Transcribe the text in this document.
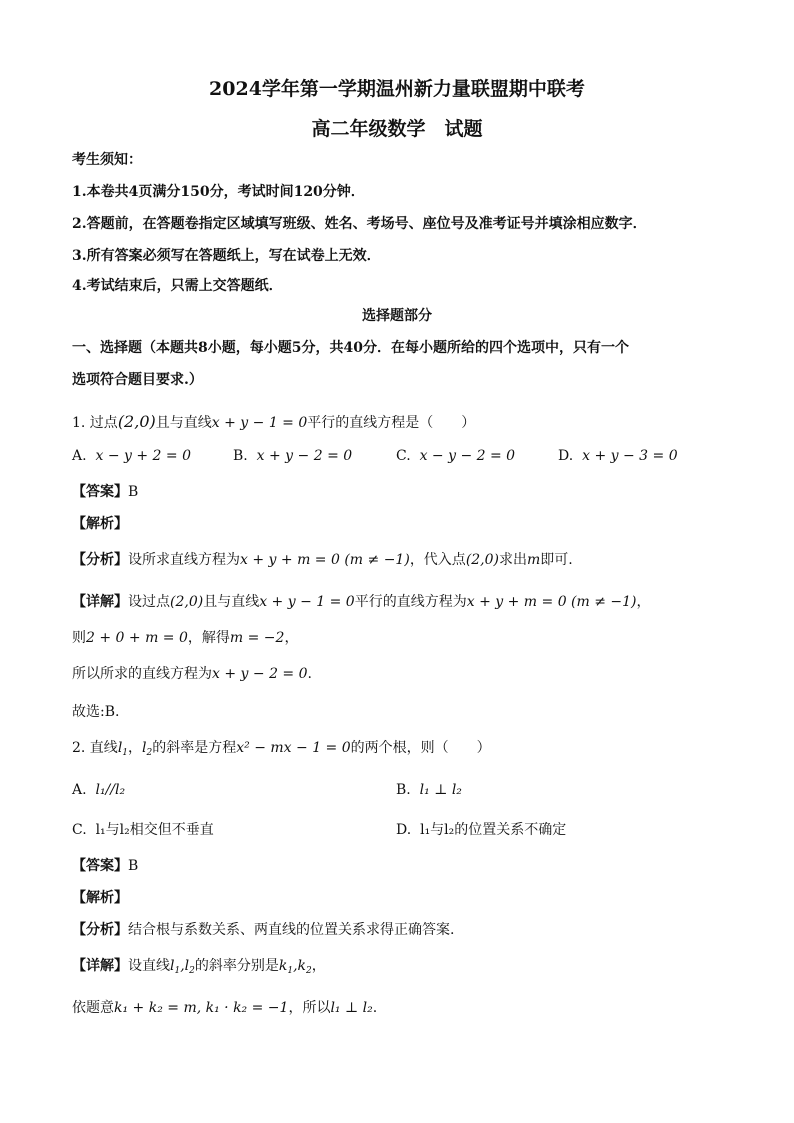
2024学年第一学期温州新力量联盟期中联考
高二年级数学　试题
考生须知：
1.本卷共4页满分150分，考试时间120分钟．
2.答题前，在答题卷指定区域填写班级、姓名、考场号、座位号及准考证号并填涂相应数字．
3.所有答案必须写在答题纸上，写在试卷上无效．
4.考试结束后，只需上交答题纸．
选择题部分
一、选择题（本题共8小题，每小题5分，共40分．在每小题所给的四个选项中，只有一个
选项符合题目要求.）
1. 过点(2,0)且与直线x + y − 1 = 0平行的直线方程是（　　）
A. x − y + 2 = 0	B. x + y − 2 = 0	C. x − y − 2 = 0	D. x + y − 3 = 0
【答案】B
【解析】
【分析】设所求直线方程为x + y + m = 0 (m ≠ −1)，代入点(2,0)求出m即可.
【详解】设过点(2,0)且与直线x + y − 1 = 0平行的直线方程为x + y + m = 0 (m ≠ −1)，
则2 + 0 + m = 0，解得m = −2，
所以所求的直线方程为x + y − 2 = 0.
故选:B.
2. 直线$l_1$，$l_2$的斜率是方程x² − mx − 1 = 0的两个根，则（　　）
A. l₁//l₂	B. l₁ ⊥ l₂
C. l₁与l₂相交但不垂直	D. l₁与l₂的位置关系不确定
【答案】B
【解析】
【分析】结合根与系数关系、两直线的位置关系求得正确答案.
【详解】设直线$l_1,l_2$的斜率分别是$k_1,k_2$，
依题意k₁ + k₂ = m, k₁ · k₂ = −1，所以l₁ ⊥ l₂.
